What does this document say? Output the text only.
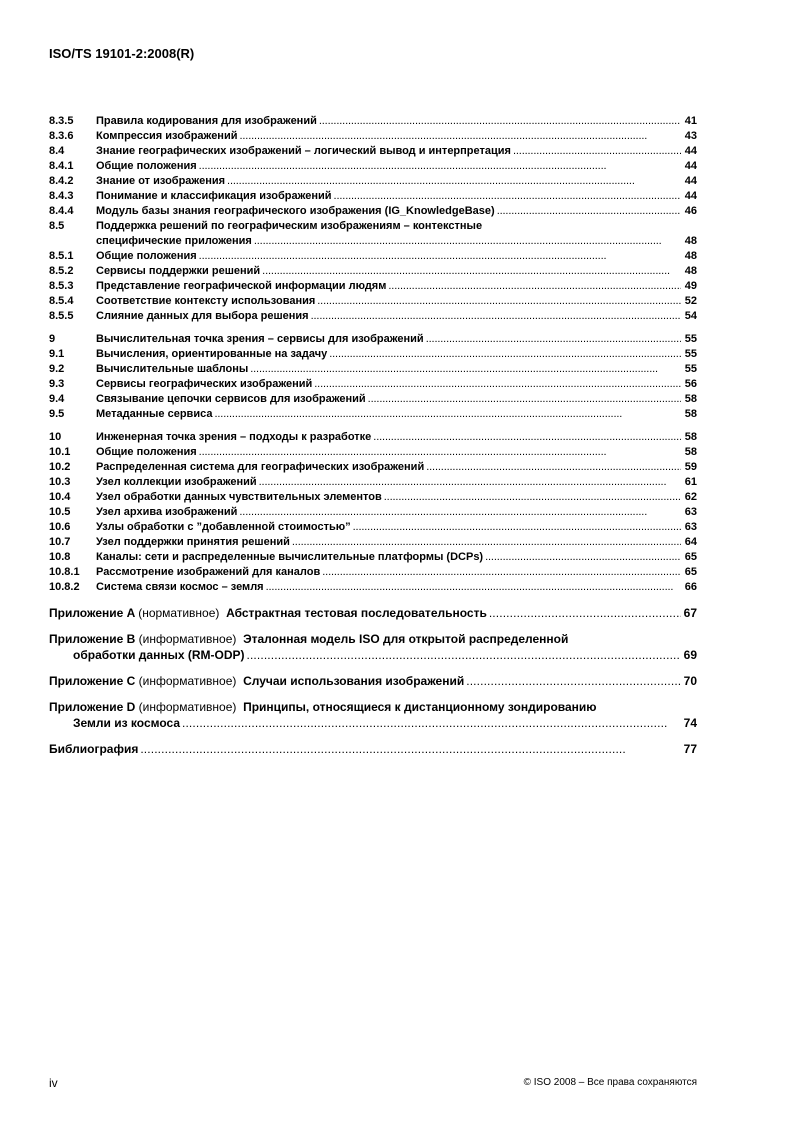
ISO/TS 19101-2:2008(R)
8.3.5	Правила кодирования для изображений . . .	41
8.3.6	Компрессия изображений . . .	43
8.4	Знание географических изображений – логический вывод и интерпретация . . .	44
8.4.1	Общие положения . . .	44
8.4.2	Знание от изображения . . .	44
8.4.3	Понимание и классификация изображений . . .	44
8.4.4	Модуль базы знания географического изображения (IG_KnowledgeBase) . . .	46
8.5	Поддержка решений по географическим изображениям – контекстные
специфические приложения . . .	48
8.5.1	Общие положения . . .	48
8.5.2	Сервисы поддержки решений . . .	48
8.5.3	Представление географической информации людям . . .	49
8.5.4	Соответствие контексту использования . . .	52
8.5.5	Слияние данных для выбора решения . . .	54
9	Вычислительная точка зрения – сервисы для изображений . . .	55
9.1	Вычисления, ориентированные на задачу . . .	55
9.2	Вычислительные шаблоны . . .	55
9.3	Сервисы географических изображений . . .	56
9.4	Связывание цепочки сервисов для изображений . . .	58
9.5	Метаданные сервиса . . .	58
10	Инженерная точка зрения – подходы к разработке . . .	58
10.1	Общие положения . . .	58
10.2	Распределенная система для географических изображений . . .	59
10.3	Узел коллекции изображений . . .	61
10.4	Узел обработки данных чувствительных элементов . . .	62
10.5	Узел архива изображений . . .	63
10.6	Узлы обработки с ”добавленной стоимостью” . . .	63
10.7	Узел поддержки принятия решений . . .	64
10.8	Каналы: сети и распределенные вычислительные платформы (DCPs) . . .	65
10.8.1	Рассмотрение изображений для каналов . . .	65
10.8.2	Система связи космос – земля . . .	66
Приложение A (нормативное) Абстрактная тестовая последовательность . . .	67
Приложение B (информативное) Эталонная модель ISO для открытой распределенной
обработки данных (RM-ODP) . . .	69
Приложение C (информативное) Случаи использования изображений . . .	70
Приложение D (информативное) Принципы, относящиеся к дистанционному зондированию
Земли из космоса . . .	74
Библиография . . .	77
iv	© ISO 2008 – Все права сохраняются
